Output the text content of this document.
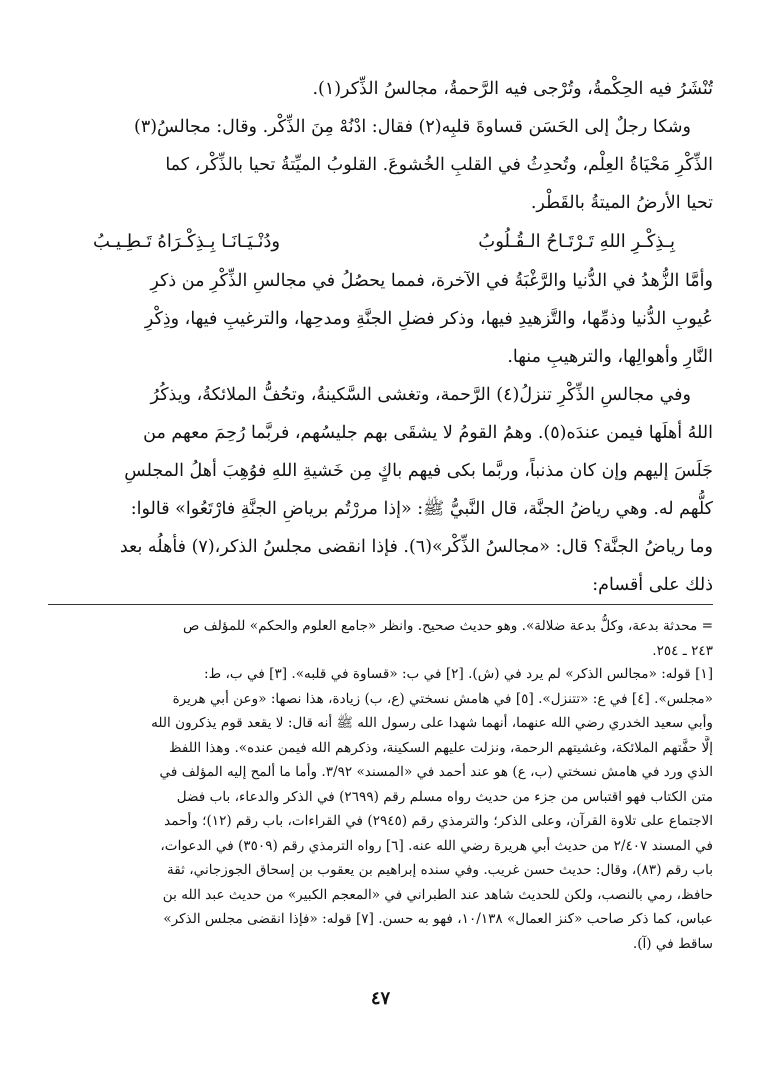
تُنْشَرُ فيه الحِكْمةُ، وتُرْجى فيه الرَّحمةُ، مجالسُ الذِّكر(١).
وشكا رجلٌ إلى الحَسَن قساوةَ قلبِه(٢) فقال: ادْنُهْ مِنَ الذِّكْر. وقال: مجالسُ(٣)
الذِّكْرِ مَحْيَاةُ العِلْم، وتُحدِثُ في القلبِ الخُشوعَ. القلوبُ الميِّتةُ تحيا بالذِّكْر، كما
تحيا الأرضُ الميتةُ بالقَطْر.
بِـذِكْـرِ اللهِ تَـرْتَـاحُ الـقُـلُوبُ
ودُنْـيَـانَـا بِـذِكْـرَاهُ تَـطِـيـبُ
وأمَّا الزُّهدُ في الدُّنيا والرَّغْبَةُ في الآخرة، فمما يحصُلُ في مجالسِ الذِّكْرِ من ذكرِ
عُيوبِ الدُّنيا وذمِّها، والتَّزهيدِ فيها، وذكر فضلِ الجنَّةِ ومدحِها، والترغيبِ فيها، وذِكْرِ
النَّارِ وأهوالِها، والترهيبِ منها.
وفي مجالسِ الذِّكْرِ تنزلُ(٤) الرَّحمة، وتغشى السَّكينةُ، وتحُفُّ الملائكةُ، ويذكُرُ
اللهُ أهلَها فيمن عندَه(٥). وهمُ القومُ لا يشقَى بهم جليسُهم، فربَّما رُحِمَ معهم من
جَلَسَ إليهم وإن كان مذنباً، وربَّما بكى فيهم باكٍ مِن خَشيةِ اللهِ فوُهِبَ أهلُ المجلسِ
كلُّهم له. وهي رياضُ الجنَّة، قال النَّبيُّ ﷺ: «إذا مررْتُم برياضِ الجنَّةِ فارْتَعُوا» قالوا:
وما رياضُ الجنَّة؟ قال: «مجالسُ الذِّكْر»(٦). فإذا انقضى مجلسُ الذكر،(٧) فأهلُه بعد
ذلك على أقسام:
= محدثة بدعة، وكلُّ بدعة ضلالة». وهو حديث صحيح. وانظر «جامع العلوم والحكم» للمؤلف ص
٢٤٣ ـ ٢٥٤.
[١] قوله: «مجالس الذكر» لم يرد في (ش). [٢] في ب: «قساوة في قلبه». [٣] في ب، ط:
«مجلس». [٤] في ع: «تتنزل». [٥] في هامش نسختي (ع، ب) زيادة، هذا نصها: «وعن أبي هريرة
وأبي سعيد الخدري رضي الله عنهما، أنهما شهدا على رسول الله ﷺ أنه قال: لا يقعد قوم يذكرون الله
إلَّا حفَّتهم الملائكة، وغشيتهم الرحمة، ونزلت عليهم السكينة، وذكرهم الله فيمن عنده». وهذا اللفظ
الذي ورد في هامش نسختي (ب، ع) هو عند أحمد في «المسند» ٣/٩٢. وأما ما ألمح إليه المؤلف في
متن الكتاب فهو اقتباس من جزء من حديث رواه مسلم رقم (٢٦٩٩) في الذكر والدعاء، باب فضل
الاجتماع على تلاوة القرآن، وعلى الذكر؛ والترمذي رقم (٢٩٤٥) في القراءات، باب رقم (١٢)؛ وأحمد
في المسند ٢/٤٠٧ من حديث أبي هريرة رضي الله عنه. [٦] رواه الترمذي رقم (٣٥٠٩) في الدعوات،
باب رقم (٨٣)، وقال: حديث حسن غريب. وفي سنده إبراهيم بن يعقوب بن إسحاق الجوزجاني، ثقة
حافظ، رمي بالنصب، ولكن للحديث شاهد عند الطبراني في «المعجم الكبير» من حديث عبد الله بن
عباس، كما ذكر صاحب «كنز العمال» ١٠/١٣٨، فهو به حسن. [٧] قوله: «فإذا انقضى مجلس الذكر»
ساقط في (آ).
٤٧
